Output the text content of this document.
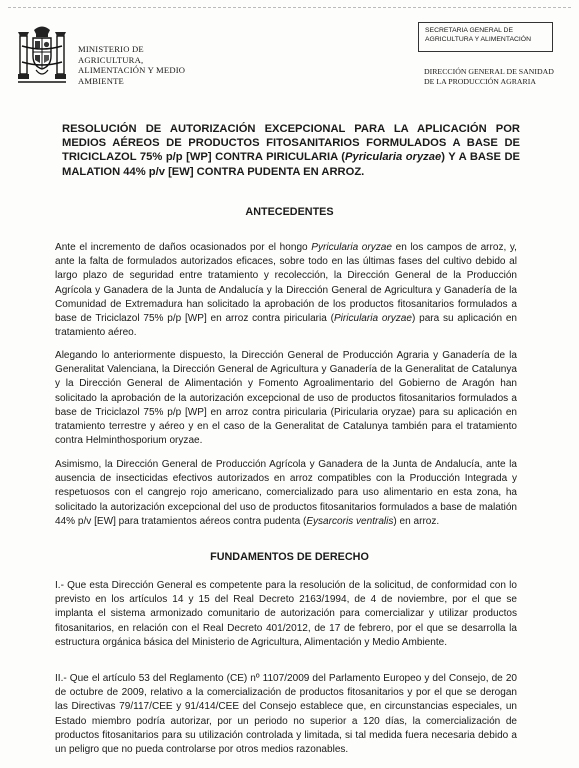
MINISTERIO DE
AGRICULTURA,
ALIMENTACIÓN Y MEDIO
AMBIENTE
SECRETARIA GENERAL DE
AGRICULTURA Y ALIMENTACIÓN
DIRECCIÓN GENERAL DE SANIDAD
DE LA PRODUCCIÓN AGRARIA
RESOLUCIÓN DE AUTORIZACIÓN EXCEPCIONAL PARA LA APLICACIÓN POR MEDIOS AÉREOS DE PRODUCTOS FITOSANITARIOS FORMULADOS A BASE DE TRICICLAZOL 75% p/p [WP] CONTRA PIRICULARIA (Pyricularia oryzae) Y A BASE DE MALATION 44% p/v [EW] CONTRA PUDENTA EN ARROZ.
ANTECEDENTES
Ante el incremento de daños ocasionados por el hongo Pyricularia oryzae en los campos de arroz, y, ante la falta de formulados autorizados eficaces, sobre todo en las últimas fases del cultivo debido al largo plazo de seguridad entre tratamiento y recolección, la Dirección General de la Producción Agrícola y Ganadera de la Junta de Andalucía y la Dirección General de Agricultura y Ganadería de la Comunidad de Extremadura han solicitado la aprobación de los productos fitosanitarios formulados a base de Triciclazol 75% p/p [WP] en arroz contra piricularia (Piricularia oryzae) para su aplicación en tratamiento aéreo.
Alegando lo anteriormente dispuesto, la Dirección General de Producción Agraria y Ganadería de la Generalitat Valenciana, la Dirección General de Agricultura y Ganadería de la Generalitat de Catalunya y la Dirección General de Alimentación y Fomento Agroalimentario del Gobierno de Aragón han solicitado la aprobación de la autorización excepcional de uso de productos fitosanitarios formulados a base de Triciclazol 75% p/p [WP] en arroz contra piricularia (Piricularia oryzae) para su aplicación en tratamiento terrestre y aéreo y en el caso de la Generalitat de Catalunya también para el tratamiento contra Helminthosporium oryzae.
Asimismo, la Dirección General de Producción Agrícola y Ganadera de la Junta de Andalucía, ante la ausencia de insecticidas efectivos autorizados en arroz compatibles con la Producción Integrada y respetuosos con el cangrejo rojo americano, comercializado para uso alimentario en esta zona, ha solicitado la autorización excepcional del uso de productos fitosanitarios formulados a base de malatión 44% p/v [EW] para tratamientos aéreos contra pudenta (Eysarcoris ventralis) en arroz.
FUNDAMENTOS DE DERECHO
I.- Que esta Dirección General es competente para la resolución de la solicitud, de conformidad con lo previsto en los artículos 14 y 15 del Real Decreto 2163/1994, de 4 de noviembre, por el que se implanta el sistema armonizado comunitario de autorización para comercializar y utilizar productos fitosanitarios, en relación con el Real Decreto 401/2012, de 17 de febrero, por el que se desarrolla la estructura orgánica básica del Ministerio de Agricultura, Alimentación y Medio Ambiente.
II.- Que el artículo 53 del Reglamento (CE) nº 1107/2009 del Parlamento Europeo y del Consejo, de 20 de octubre de 2009, relativo a la comercialización de productos fitosanitarios y por el que se derogan las Directivas 79/117/CEE y 91/414/CEE del Consejo establece que, en circunstancias especiales, un Estado miembro podría autorizar, por un periodo no superior a 120 días, la comercialización de productos fitosanitarios para su utilización controlada y limitada, si tal medida fuera necesaria debido a un peligro que no pueda controlarse por otros medios razonables.
